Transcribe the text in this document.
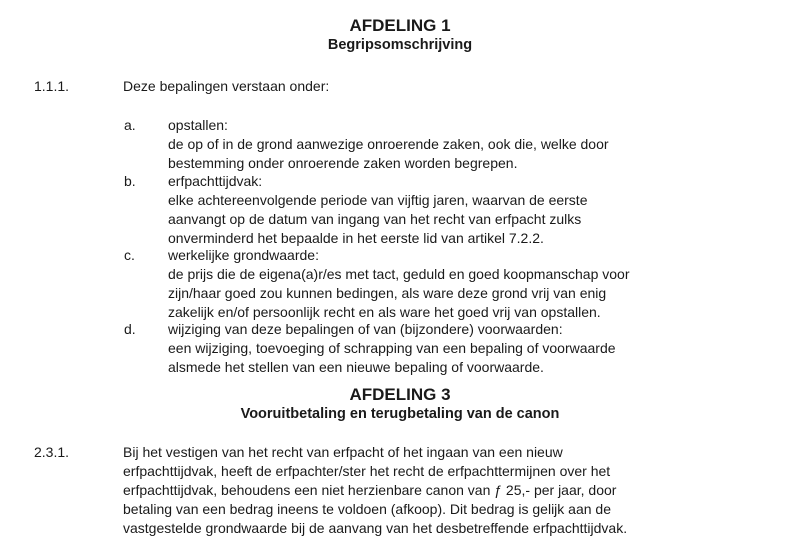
AFDELING 1
Begripsomschrijving
1.1.1.	Deze bepalingen verstaan onder:
a. opstallen:
de op of in de grond aanwezige onroerende zaken, ook die, welke door
bestemming onder onroerende zaken worden begrepen.
b. erfpachttijdvak:
elke achtereenvolgende periode van vijftig jaren, waarvan de eerste
aanvangt op de datum van ingang van het recht van erfpacht zulks
onverminderd het bepaalde in het eerste lid van artikel 7.2.2.
c. werkelijke grondwaarde:
de prijs die de eigena(a)r/es met tact, geduld en goed koopmanschap voor
zijn/haar goed zou kunnen bedingen, als ware deze grond vrij van enig
zakelijk en/of persoonlijk recht en als ware het goed vrij van opstallen.
d. wijziging van deze bepalingen of van (bijzondere) voorwaarden:
een wijziging, toevoeging of schrapping van een bepaling of voorwaarde
alsmede het stellen van een nieuwe bepaling of voorwaarde.
AFDELING 3
Vooruitbetaling en terugbetaling van de canon
2.3.1.	Bij het vestigen van het recht van erfpacht of het ingaan van een nieuw
erfpachttijdvak, heeft de erfpachter/ster het recht de erfpachttermijnen over het
erfpachttijdvak, behoudens een niet herzienbare canon van ƒ 25,- per jaar, door
betaling van een bedrag ineens te voldoen (afkoop). Dit bedrag is gelijk aan de
vastgestelde grondwaarde bij de aanvang van het desbetreffende erfpachttijdvak.
